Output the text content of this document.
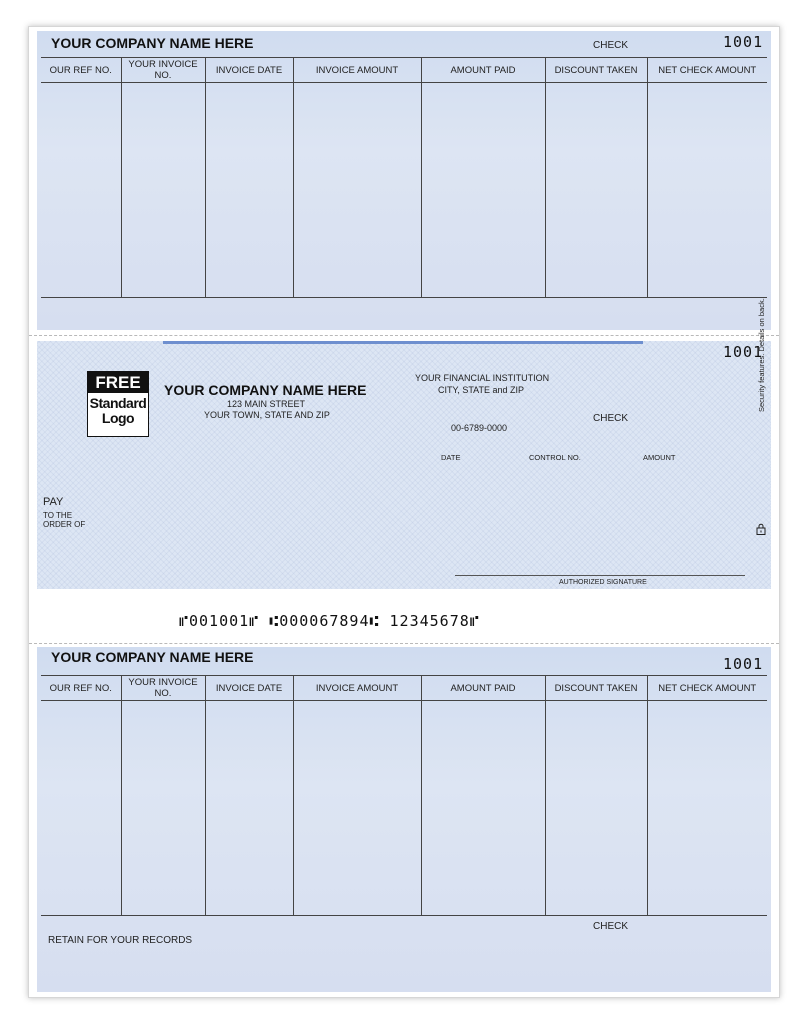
YOUR COMPANY NAME HERE	CHECK	1001
OUR REF NO.	YOUR INVOICE NO.	INVOICE DATE	INVOICE AMOUNT	AMOUNT PAID	DISCOUNT TAKEN	NET CHECK AMOUNT

1001
FREE
Standard
Logo
YOUR COMPANY NAME HERE
123 MAIN STREET
YOUR TOWN, STATE AND ZIP
YOUR FINANCIAL INSTITUTION
CITY, STATE and ZIP
CHECK
00-6789-0000
DATE	CONTROL NO.	AMOUNT
PAY
TO THE
ORDER OF
AUTHORIZED SIGNATURE
Security features. Details on back.
⑈001001⑈ ⑆000067894⑆ 12345678⑈
YOUR COMPANY NAME HERE	1001
OUR REF NO.	YOUR INVOICE NO.	INVOICE DATE	INVOICE AMOUNT	AMOUNT PAID	DISCOUNT TAKEN	NET CHECK AMOUNT

CHECK
RETAIN FOR YOUR RECORDS
